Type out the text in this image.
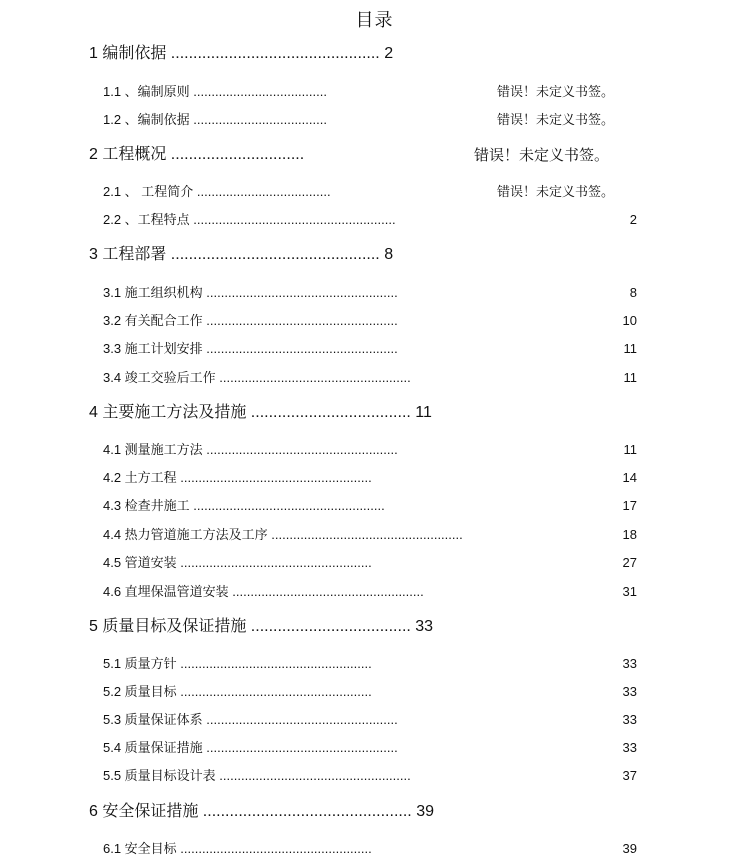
目录
1 编制依据 ............................................... 2
1.1 、编制原则 .....................................	错误！未定义书签。
1.2 、编制依据 .....................................	错误！未定义书签。
2 工程概况 ..............................	错误！未定义书签。
2.1 、 工程简介 .....................................	错误！未定义书签。
2.2 、工程特点 ........................................................	2
3 工程部署 ............................................... 8
3.1 施工组织机构 .....................................................	8
3.2 有关配合工作 .....................................................	10
3.3 施工计划安排 .....................................................	11
3.4 竣工交验后工作 .....................................................	11
4 主要施工方法及措施 .................................... 11
4.1 测量施工方法 .....................................................	11
4.2 土方工程 .....................................................	14
4.3 检查井施工 .....................................................	17
4.4 热力管道施工方法及工序 .....................................................	18
4.5 管道安装 .....................................................	27
4.6 直埋保温管道安装 .....................................................	31
5 质量目标及保证措施 .................................... 33
5.1 质量方针 .....................................................	33
5.2 质量目标 .....................................................	33
5.3 质量保证体系 .....................................................	33
5.4 质量保证措施 .....................................................	33
5.5 质量目标设计表 .....................................................	37
6 安全保证措施 ............................................... 39
6.1 安全目标 .....................................................	39
